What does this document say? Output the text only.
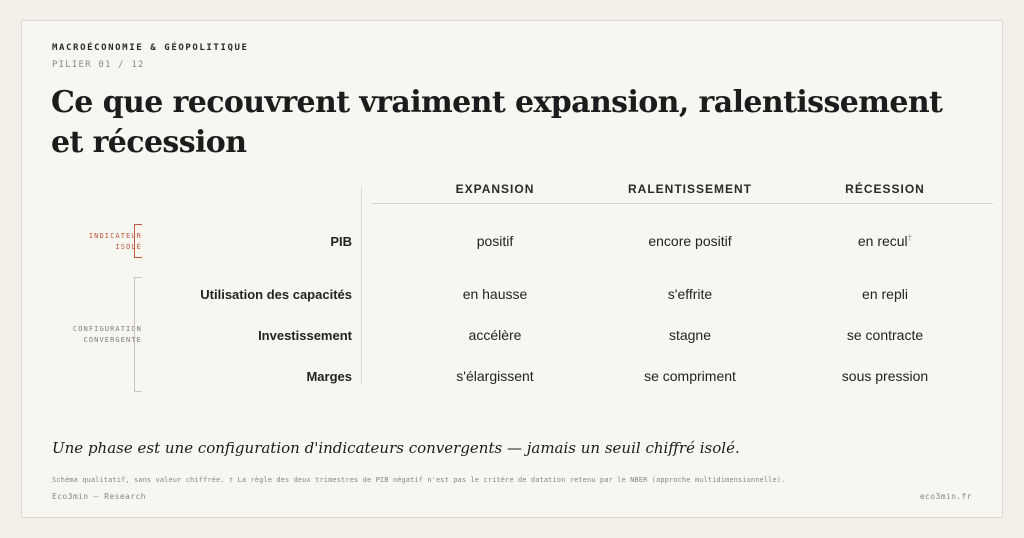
MACROÉCONOMIE & GÉOPOLITIQUE
PILIER 01 / 12
Ce que recouvrent vraiment expansion, ralentissement et récession
EXPANSION	RALENTISSEMENT	RÉCESSION
INDICATEUR
ISOLÉ
CONFIGURATION
CONVERGENTE
PIB	positif	encore positif	en recul†
Utilisation des capacités	en hausse	s'effrite	en repli
Investissement	accélère	stagne	se contracte
Marges	s'élargissent	se compriment	sous pression

Une phase est une configuration d'indicateurs convergents — jamais un seuil chiffré isolé.

Schéma qualitatif, sans valeur chiffrée. † La règle des deux trimestres de PIB négatif n'est pas le critère de datation retenu par le NBER (approche multidimensionnelle).
Eco3min — Research	eco3min.fr
